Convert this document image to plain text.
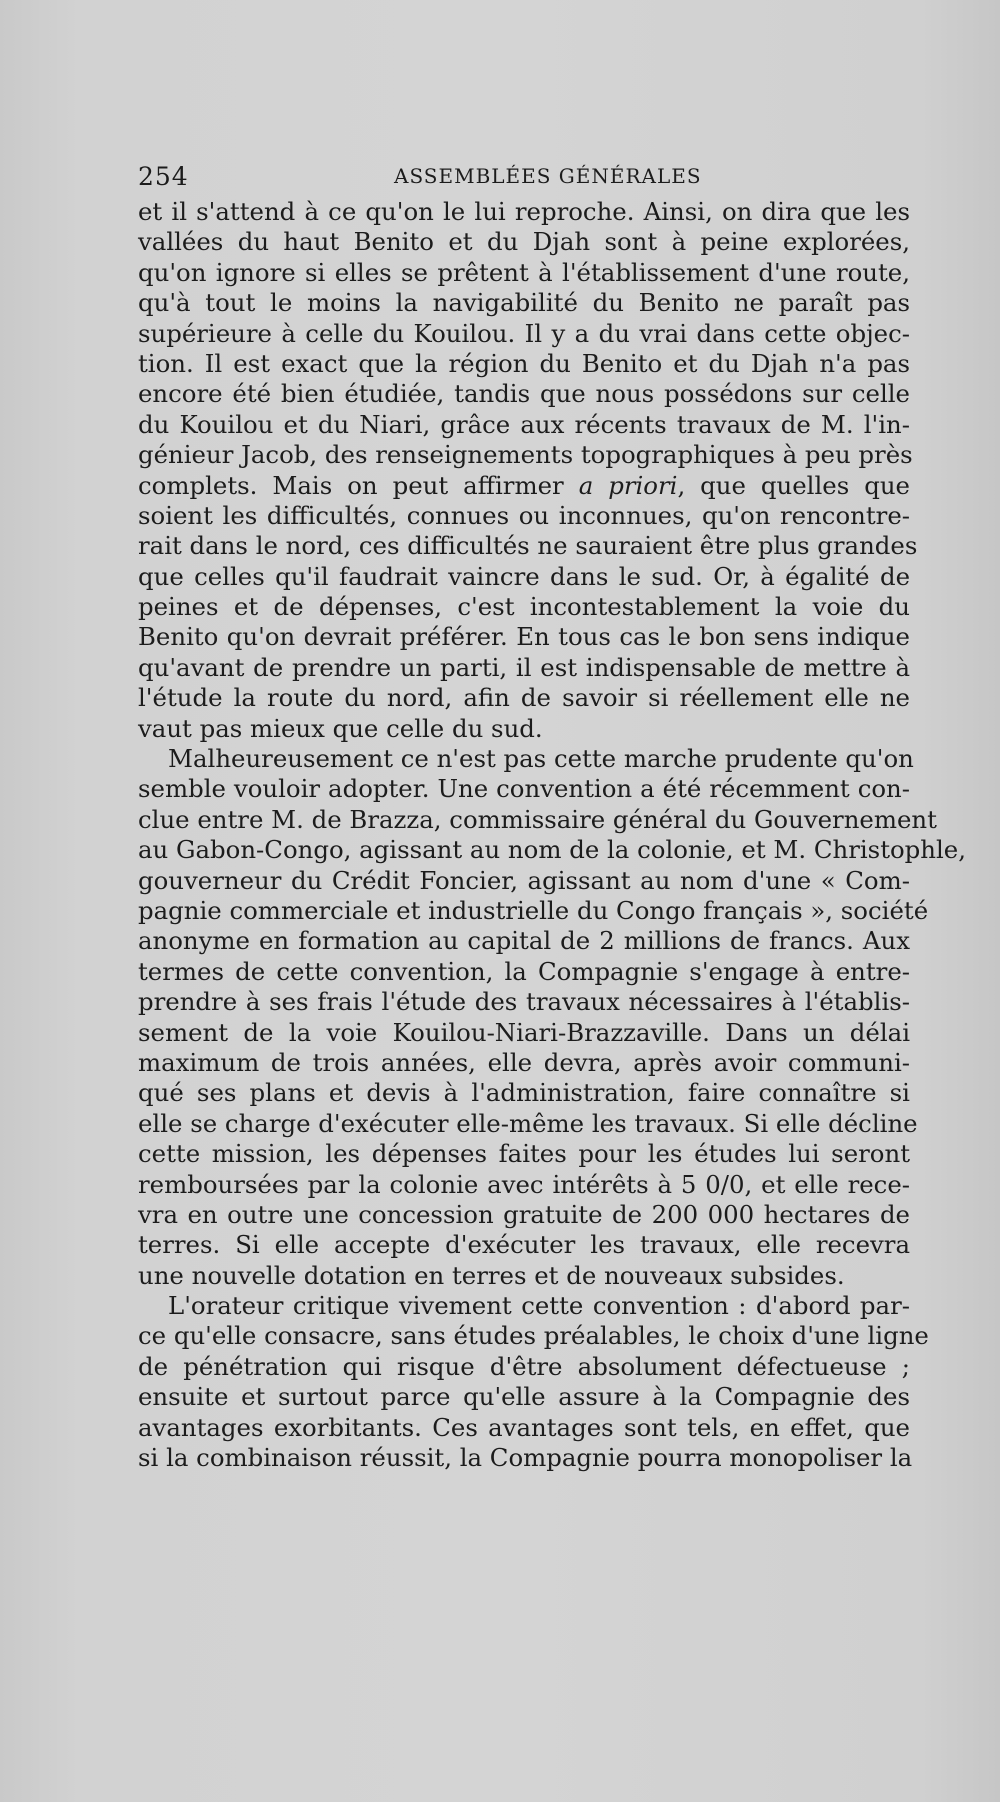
254	ASSEMBLÉES GÉNÉRALES
et il s'attend à ce qu'on le lui reproche. Ainsi, on dira que les
vallées du haut Benito et du Djah sont à peine explorées,
qu'on ignore si elles se prêtent à l'établissement d'une route,
qu'à tout le moins la navigabilité du Benito ne paraît pas
supérieure à celle du Kouilou. Il y a du vrai dans cette objec-
tion. Il est exact que la région du Benito et du Djah n'a pas
encore été bien étudiée, tandis que nous possédons sur celle
du Kouilou et du Niari, grâce aux récents travaux de M. l'in-
génieur Jacob, des renseignements topographiques à peu près
complets. Mais on peut affirmer a priori, que quelles que
soient les difficultés, connues ou inconnues, qu'on rencontre-
rait dans le nord, ces difficultés ne sauraient être plus grandes
que celles qu'il faudrait vaincre dans le sud. Or, à égalité de
peines et de dépenses, c'est incontestablement la voie du
Benito qu'on devrait préférer. En tous cas le bon sens indique
qu'avant de prendre un parti, il est indispensable de mettre à
l'étude la route du nord, afin de savoir si réellement elle ne
vaut pas mieux que celle du sud.
Malheureusement ce n'est pas cette marche prudente qu'on
semble vouloir adopter. Une convention a été récemment con-
clue entre M. de Brazza, commissaire général du Gouvernement
au Gabon-Congo, agissant au nom de la colonie, et M. Christophle,
gouverneur du Crédit Foncier, agissant au nom d'une « Com-
pagnie commerciale et industrielle du Congo français », société
anonyme en formation au capital de 2 millions de francs. Aux
termes de cette convention, la Compagnie s'engage à entre-
prendre à ses frais l'étude des travaux nécessaires à l'établis-
sement de la voie Kouilou-Niari-Brazzaville. Dans un délai
maximum de trois années, elle devra, après avoir communi-
qué ses plans et devis à l'administration, faire connaître si
elle se charge d'exécuter elle-même les travaux. Si elle décline
cette mission, les dépenses faites pour les études lui seront
remboursées par la colonie avec intérêts à 5 0/0, et elle rece-
vra en outre une concession gratuite de 200 000 hectares de
terres. Si elle accepte d'exécuter les travaux, elle recevra
une nouvelle dotation en terres et de nouveaux subsides.
L'orateur critique vivement cette convention : d'abord par-
ce qu'elle consacre, sans études préalables, le choix d'une ligne
de pénétration qui risque d'être absolument défectueuse ;
ensuite et surtout parce qu'elle assure à la Compagnie des
avantages exorbitants. Ces avantages sont tels, en effet, que
si la combinaison réussit, la Compagnie pourra monopoliser la
